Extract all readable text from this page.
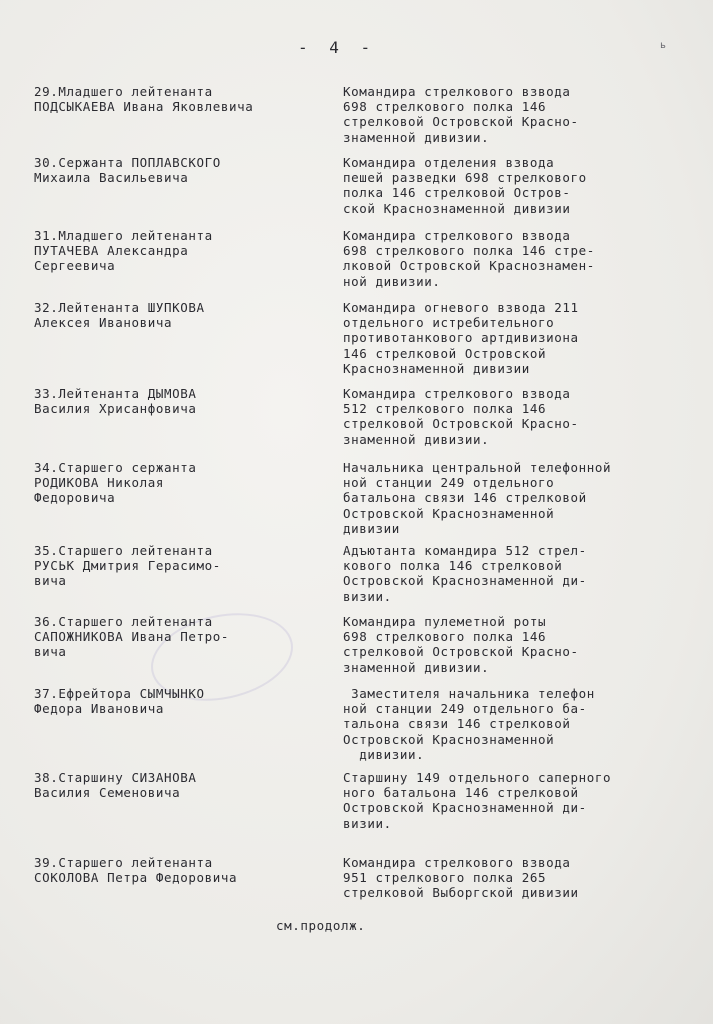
ь
- 4 -
29.Младшего лейтенанта
ПОДСЫКАЕВА Ивана Яковлевича
Командира стрелкового взвода
698 стрелкового полка 146
стрелковой Островской Красно-
знаменной дивизии.
30.Сержанта ПОПЛАВСКОГО
Михаила Васильевича
Командира отделения взвода
пешей разведки 698 стрелкового
полка 146 стрелковой Остров-
ской Краснознаменной дивизии
31.Младшего лейтенанта
ПУТАЧЕВА Александра
Сергеевича
Командира стрелкового взвода
698 стрелкового полка 146 стре-
лковой Островской Краснознамен-
ной дивизии.
32.Лейтенанта ШУПКОВА
Алексея Ивановича
Командира огневого взвода 211
отдельного истребительного
противотанкового артдивизиона
146 стрелковой Островской
Краснознаменной дивизии
33.Лейтенанта ДЫМОВА
Василия Хрисанфовича
Командира стрелкового взвода
512 стрелкового полка 146
стрелковой Островской Красно-
знаменной дивизии.
34.Старшего сержанта
РОДИКОВА Николая
Федоровича
Начальника центральной телефонной
ной станции 249 отдельного
батальона связи 146 стрелковой
Островской Краснознаменной
дивизии
35.Старшего лейтенанта
РУСЬК Дмитрия Герасимо-
вича
Адъютанта командира 512 стрел-
кового полка 146 стрелковой
Островской Краснознаменной ди-
визии.
36.Старшего лейтенанта
САПОЖНИКОВА Ивана Петро-
вича
Командира пулеметной роты
698 стрелкового полка 146
стрелковой Островской Красно-
знаменной дивизии.
37.Ефрейтора СЫМЧЫНКО
Федора Ивановича
Заместителя начальника телефон
ной станции 249 отдельного ба-
тальона связи 146 стрелковой
Островской Краснознаменной
дивизии.
38.Старшину СИЗАНОВА
Василия Семеновича
Старшину 149 отдельного саперного
ного батальона 146 стрелковой
Островской Краснознаменной ди-
визии.
39.Старшего лейтенанта
СОКОЛОВА Петра Федоровича
Командира стрелкового взвода
951 стрелкового полка 265
стрелковой Выборгской дивизии
см.продолж.
